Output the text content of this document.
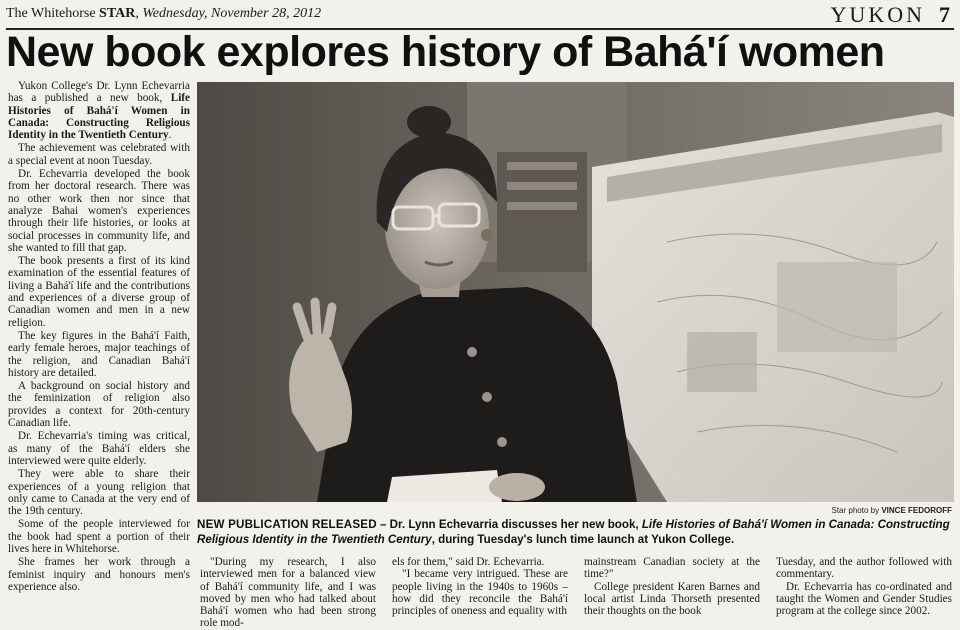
The Whitehorse STAR, Wednesday, November 28, 2012	YUKON 7
New book explores history of Bahá'í women

Yukon College's Dr. Lynn Echevarria has a published a new book, Life Histories of Bahá'í Women in Canada: Constructing Religious Identity in the Twentieth Century.

The achievement was celebrated with a special event at noon Tuesday.

Dr. Echevarria developed the book from her doctoral research. There was no other work then nor since that analyze Bahai women's experiences through their life histories, or looks at social processes in community life, and she wanted to fill that gap.

The book presents a first of its kind examination of the essential features of living a Bahá'í life and the contributions and experiences of a diverse group of Canadian women and men in a new religion.

The key figures in the Bahá'í Faith, early female heroes, major teachings of the religion, and Canadian Bahá'í history are detailed.

A background on social history and the feminization of religion also provides a context for 20th-century Canadian life.

Dr. Echevarria's timing was critical, as many of the Bahá'í elders she interviewed were quite elderly.

They were able to share their experiences of a young religion that only came to Canada at the very end of the 19th century.

Some of the people interviewed for the book had spent a portion of their lives here in Whitehorse.

She frames her work through a feminist inquiry and honours men's experience also.

Star photo by VINCE FEDOROFF
NEW PUBLICATION RELEASED – Dr. Lynn Echevarria discusses her new book, Life Histories of Bahá'í Women in Canada: Constructing Religious Identity in the Twentieth Century, during Tuesday's lunch time launch at Yukon College.

"During my research, I also interviewed men for a balanced view of Bahá'í community life, and I was moved by men who had talked about Bahá'í women who had been strong role mod-

els for them," said Dr. Echevarria.

"I became very intrigued. These are people living in the 1940s to 1960s – how did they reconcile the Bahá'í principles of oneness and equality with

mainstream Canadian society at the time?"

College president Karen Barnes and local artist Linda Thorseth presented their thoughts on the book

Tuesday, and the author followed with commentary.

Dr. Echevarria has co-ordinated and taught the Women and Gender Studies program at the college since 2002.
